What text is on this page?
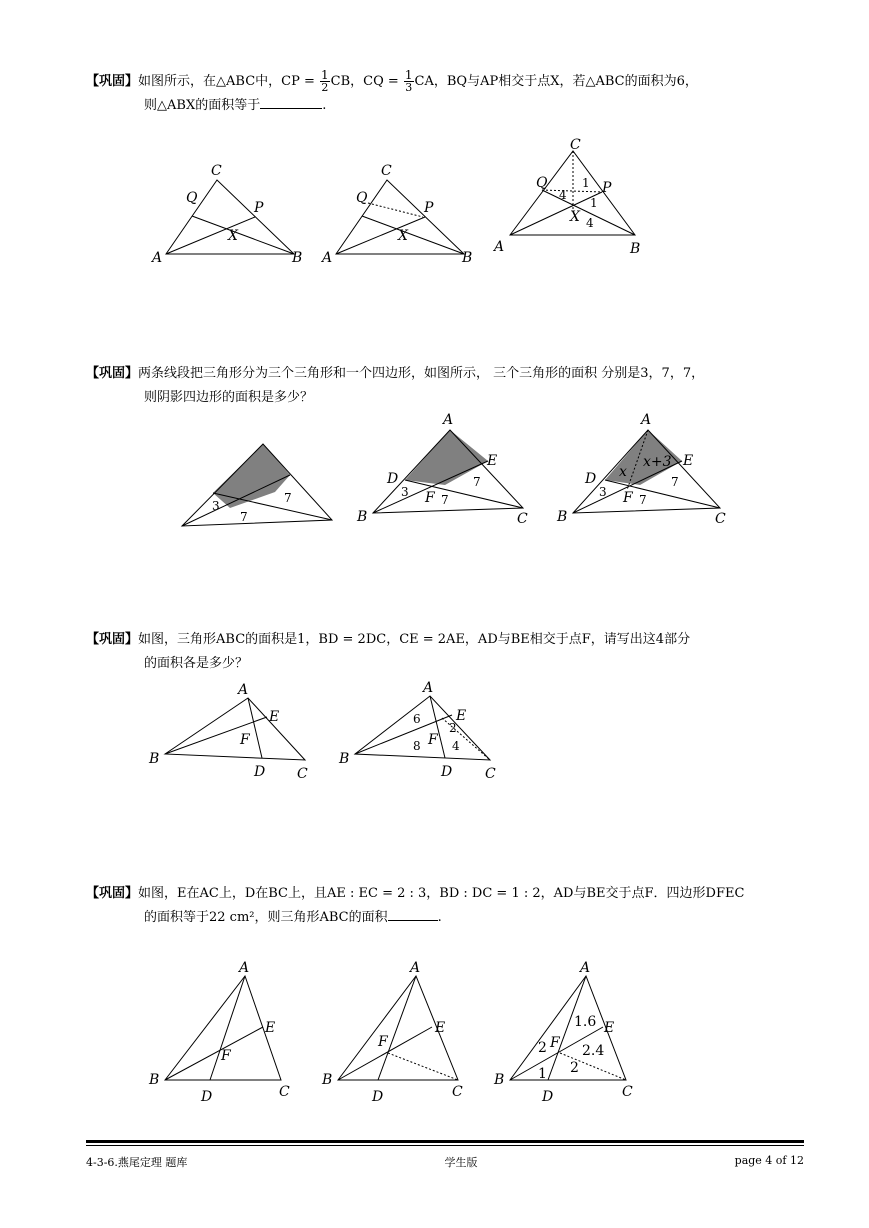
【巩固】如图所示，在△ABC中，CP = $\frac{1}{2}$ CB，CQ = $\frac{1}{3}$ CA，BQ与AP相交于点X，若△ABC的面积为6，
则△ABX的面积等于	.
C
A	B
Q
P
X
C
A	B
Q
P
X
C
A	B
Q	P
X
4
1
1
4
【巩固】两条线段把三角形分为三个三角形和一个四边形，如图所示， 三个三角形的面积 分别是3，7，7，
则阴影四边形的面积是多少？
3
7
7
A
B	C
D
E
F
3
7
7
A
B	C
D
E
F
x
x+3
3
7
7
【巩固】如图，三角形ABC的面积是1，BD = 2DC，CE = 2AE，AD与BE相交于点F，请写出这4部分
的面积各是多少？
A
B
C
D
E
F
A
B
C
D
E
F
6
2
8	4
【巩固】如图，E在AC上，D在BC上，且AE : EC = 2 : 3，BD : DC = 1 : 2，AD与BE交于点F．四边形DFEC
的面积等于22 cm²，则三角形ABC的面积	.
A
B
C
D
E
F
A
B
C
D
E
F
A
B
C
D
E
F
1.6
2	2.4
1 2
4-3-6.燕尾定理 题库	学生版	page 4 of 12
